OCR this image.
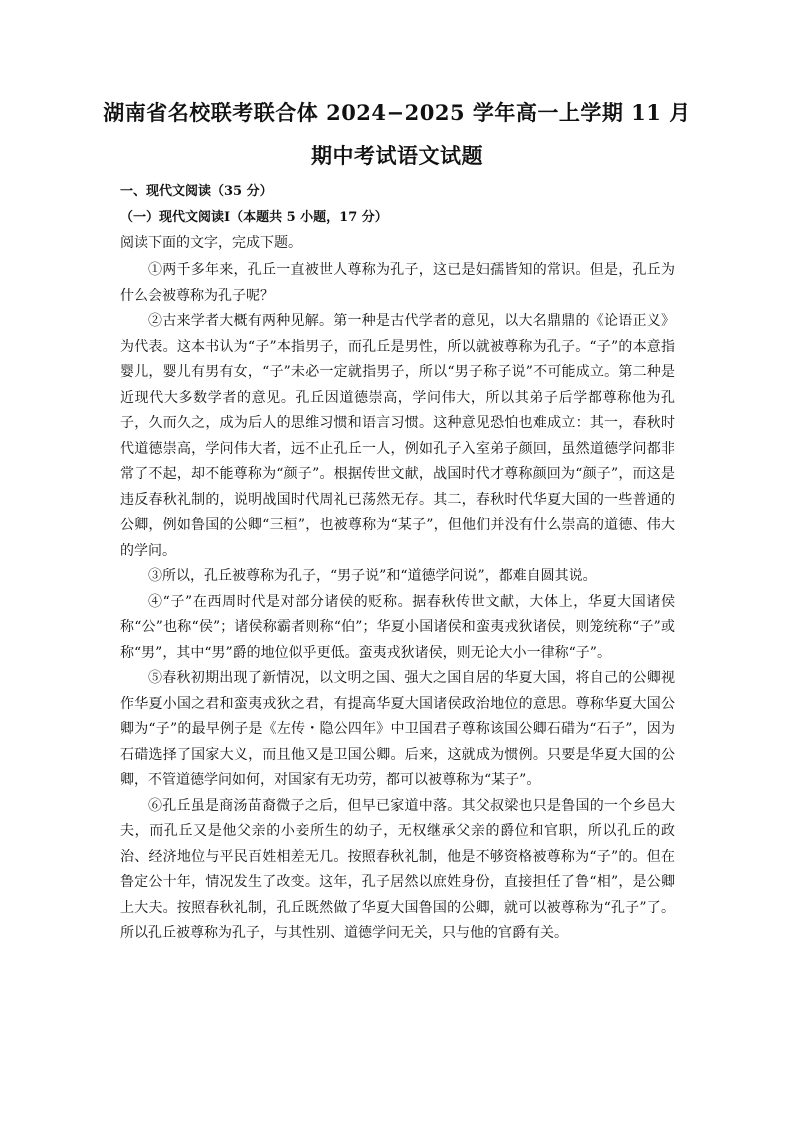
湖南省名校联考联合体 2024−2025 学年高一上学期 11 月
期中考试语文试题
一、现代文阅读（35 分）
（一）现代文阅读Ⅰ（本题共 5 小题，17 分）
阅读下面的文字，完成下题。

①两千多年来，孔丘一直被世人尊称为孔子，这已是妇孺皆知的常识。但是，孔丘为什么会被尊称为孔子呢？

②古来学者大概有两种见解。第一种是古代学者的意见，以大名鼎鼎的《论语正义》为代表。这本书认为“子”本指男子，而孔丘是男性，所以就被尊称为孔子。“子”的本意指婴儿，婴儿有男有女，“子”未必一定就指男子，所以“男子称子说”不可能成立。第二种是近现代大多数学者的意见。孔丘因道德崇高，学问伟大，所以其弟子后学都尊称他为孔子，久而久之，成为后人的思维习惯和语言习惯。这种意见恐怕也难成立：其一，春秋时代道德崇高，学问伟大者，远不止孔丘一人，例如孔子入室弟子颜回，虽然道德学问都非常了不起，却不能尊称为“颜子”。根据传世文献，战国时代才尊称颜回为“颜子”，而这是违反春秋礼制的，说明战国时代周礼已荡然无存。其二，春秋时代华夏大国的一些普通的公卿，例如鲁国的公卿“三桓”，也被尊称为“某子”，但他们并没有什么崇高的道德、伟大的学问。

③所以，孔丘被尊称为孔子，“男子说”和“道德学问说”，都难自圆其说。

④“子”在西周时代是对部分诸侯的贬称。据春秋传世文献，大体上，华夏大国诸侯称“公”也称“侯”；诸侯称霸者则称“伯”；华夏小国诸侯和蛮夷戎狄诸侯，则笼统称“子”或称“男”，其中“男”爵的地位似乎更低。蛮夷戎狄诸侯，则无论大小一律称“子”。

⑤春秋初期出现了新情况，以文明之国、强大之国自居的华夏大国，将自己的公卿视作华夏小国之君和蛮夷戎狄之君，有提高华夏大国诸侯政治地位的意思。尊称华夏大国公卿为“子”的最早例子是《左传・隐公四年》中卫国君子尊称该国公卿石碏为“石子”，因为石碏选择了国家大义，而且他又是卫国公卿。后来，这就成为惯例。只要是华夏大国的公卿，不管道德学问如何，对国家有无功劳，都可以被尊称为“某子”。

⑥孔丘虽是商汤苗裔微子之后，但早已家道中落。其父叔梁也只是鲁国的一个乡邑大夫，而孔丘又是他父亲的小妾所生的幼子，无权继承父亲的爵位和官职，所以孔丘的政治、经济地位与平民百姓相差无几。按照春秋礼制，他是不够资格被尊称为“子”的。但在鲁定公十年，情况发生了改变。这年，孔子居然以庶姓身份，直接担任了鲁“相”，是公卿上大夫。按照春秋礼制，孔丘既然做了华夏大国鲁国的公卿，就可以被尊称为“孔子”了。所以孔丘被尊称为孔子，与其性别、道德学问无关，只与他的官爵有关。
